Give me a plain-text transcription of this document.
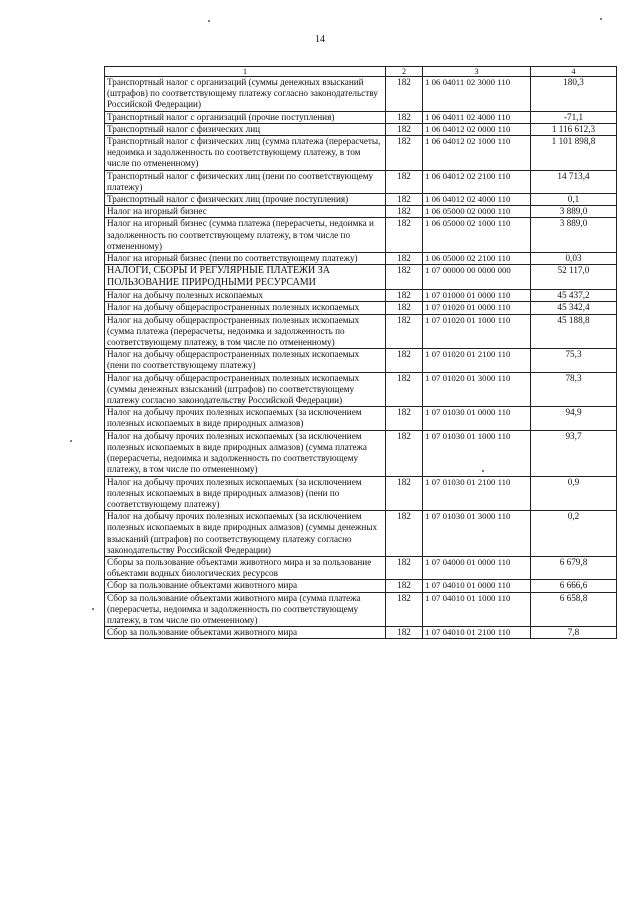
14
1	2	3	4
Транспортный налог с организаций (суммы денежных взысканий (штрафов) по соответствующему платежу согласно законодательству Российской Федерации)	182	1 06 04011 02 3000 110	180,3
Транспортный налог с организаций (прочие поступления)	182	1 06 04011 02 4000 110	-71,1
Транспортный налог с физических лиц	182	1 06 04012 02 0000 110	1 116 612,3
Транспортный налог с физических лиц (сумма платежа (перерасчеты, недоимка и задолженность по соответствующему платежу, в том числе по отмененному)	182	1 06 04012 02 1000 110	1 101 898,8
Транспортный налог с физических лиц (пени по соответствующему платежу)	182	1 06 04012 02 2100 110	14 713,4
Транспортный налог с физических лиц (прочие поступления)	182	1 06 04012 02 4000 110	0,1
Налог на игорный бизнес	182	1 06 05000 02 0000 110	3 889,0
Налог на игорный бизнес (сумма платежа (перерасчеты, недоимка и задолженность по соответствующему платежу, в том числе по отмененному)	182	1 06 05000 02 1000 110	3 889,0
Налог на игорный бизнес (пени по соответствующему платежу)	182	1 06 05000 02 2100 110	0,03
НАЛОГИ, СБОРЫ И РЕГУЛЯРНЫЕ ПЛАТЕЖИ ЗА ПОЛЬЗОВАНИЕ ПРИРОДНЫМИ РЕСУРСАМИ	182	1 07 00000 00 0000 000	52 117,0
Налог на добычу полезных ископаемых	182	1 07 01000 01 0000 110	45 437,2
Налог на добычу общераспространенных полезных ископаемых	182	1 07 01020 01 0000 110	45 342,4
Налог на добычу общераспространенных полезных ископаемых (сумма платежа (перерасчеты, недоимка и задолженность по соответствующему платежу, в том числе по отмененному)	182	1 07 01020 01 1000 110	45 188,8
Налог на добычу общераспространенных полезных ископаемых (пени по соответствующему платежу)	182	1 07 01020 01 2100 110	75,3
Налог на добычу общераспространенных полезных ископаемых (суммы денежных взысканий (штрафов) по соответствующему платежу согласно законодательству Российской Федерации)	182	1 07 01020 01 3000 110	78,3
Налог на добычу прочих полезных ископаемых (за исключением полезных ископаемых в виде природных алмазов)	182	1 07 01030 01 0000 110	94,9
Налог на добычу прочих полезных ископаемых (за исключением полезных ископаемых в виде природных алмазов) (сумма платежа (перерасчеты, недоимка и задолженность по соответствующему платежу, в том числе по отмененному)	182	1 07 01030 01 1000 110	93,7
Налог на добычу прочих полезных ископаемых (за исключением полезных ископаемых в виде природных алмазов) (пени по соответствующему платежу)	182	1 07 01030 01 2100 110	0,9
Налог на добычу прочих полезных ископаемых (за исключением полезных ископаемых в виде природных алмазов) (суммы денежных взысканий (штрафов) по соответствующему платежу согласно законодательству Российской Федерации)	182	1 07 01030 01 3000 110	0,2
Сборы за пользование объектами животного мира и за пользование объектами водных биологических ресурсов	182	1 07 04000 01 0000 110	6 679,8
Сбор за пользование объектами животного мира	182	1 07 04010 01 0000 110	6 666,6
Сбор за пользование объектами животного мира (сумма платежа (перерасчеты, недоимка и задолженность по соответствующему платежу, в том числе по отмененному)	182	1 07 04010 01 1000 110	6 658,8
Сбор за пользование объектами животного мира	182	1 07 04010 01 2100 110	7,8
